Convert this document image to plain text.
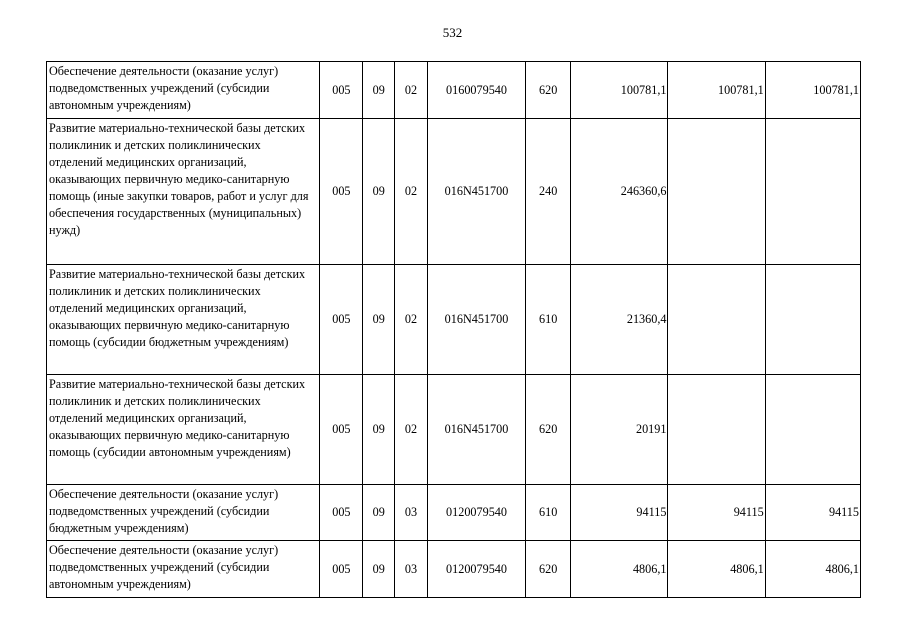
532
Обеспечение деятельности (оказание услуг) подведомственных учреждений (субсидии автономным учреждениям)	005	09	02	0160079540	620	100781,1	100781,1	100781,1
Развитие материально-технической базы детских поликлиник и детских поликлинических отделений медицинских организаций, оказывающих первичную медико-санитарную помощь (иные закупки товаров, работ и услуг для обеспечения государственных (муниципальных) нужд)	005	09	02	016N451700	240	246360,6		
Развитие материально-технической базы детских поликлиник и детских поликлинических отделений медицинских организаций, оказывающих первичную медико-санитарную помощь (субсидии бюджетным учреждениям)	005	09	02	016N451700	610	21360,4		
Развитие материально-технической базы детских поликлиник и детских поликлинических отделений медицинских организаций, оказывающих первичную медико-санитарную помощь (субсидии автономным учреждениям)	005	09	02	016N451700	620	20191		
Обеспечение деятельности (оказание услуг) подведомственных учреждений (субсидии бюджетным учреждениям)	005	09	03	0120079540	610	94115	94115	94115
Обеспечение деятельности (оказание услуг) подведомственных учреждений (субсидии автономным учреждениям)	005	09	03	0120079540	620	4806,1	4806,1	4806,1
